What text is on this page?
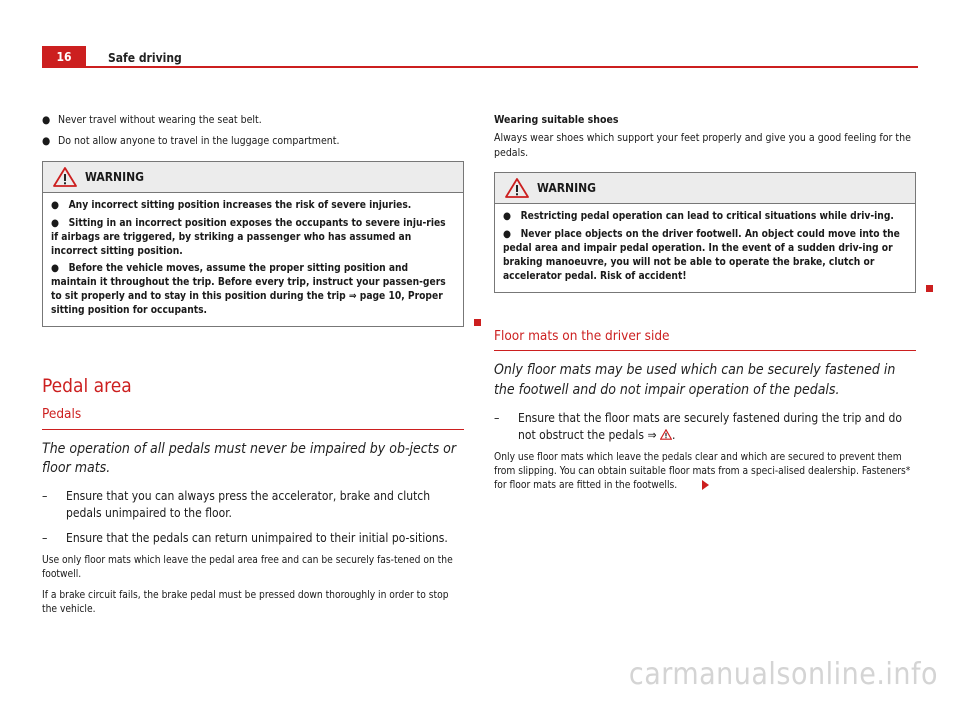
16	Safe driving
● Never travel without wearing the seat belt.
● Do not allow anyone to travel in the luggage compartment.
WARNING
●   Any incorrect sitting position increases the risk of severe injuries.
●   Sitting in an incorrect position exposes the occupants to severe inju-ries if airbags are triggered, by striking a passenger who has assumed an incorrect sitting position.
●   Before the vehicle moves, assume the proper sitting position and maintain it throughout the trip. Before every trip, instruct your passen-gers to sit properly and to stay in this position during the trip ⇒ page 10, Proper sitting position for occupants.
Pedal area
Pedals
The operation of all pedals must never be impaired by ob-jects or floor mats.
–	Ensure that you can always press the accelerator, brake and clutch pedals unimpaired to the floor.
–	Ensure that the pedals can return unimpaired to their initial po-sitions.
Use only floor mats which leave the pedal area free and can be securely fas-tened on the footwell.
If a brake circuit fails, the brake pedal must be pressed down thoroughly in order to stop the vehicle.
Wearing suitable shoes
Always wear shoes which support your feet properly and give you a good feeling for the pedals.
WARNING
●   Restricting pedal operation can lead to critical situations while driv-ing.
●   Never place objects on the driver footwell. An object could move into the pedal area and impair pedal operation. In the event of a sudden driv-ing or braking manoeuvre, you will not be able to operate the brake, clutch or accelerator pedal. Risk of accident!
Floor mats on the driver side
Only floor mats may be used which can be securely fastened in the footwell and do not impair operation of the pedals.
–	Ensure that the floor mats are securely fastened during the trip and do not obstruct the pedals ⇒ .
Only use floor mats which leave the pedals clear and which are secured to prevent them from slipping. You can obtain suitable floor mats from a speci-alised dealership. Fasteners* for floor mats are fitted in the footwells.
carmanualsonline.info
